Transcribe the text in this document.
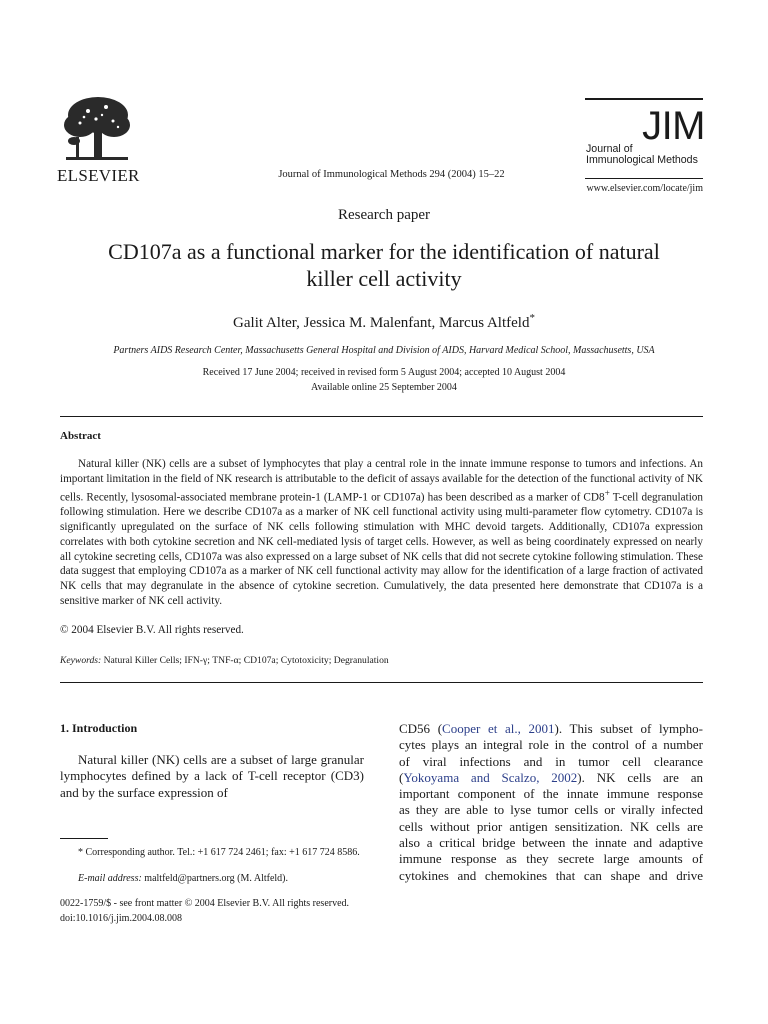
ELSEVIER	Journal of Immunological Methods 294 (2004) 15–22
JIM
Journal of
Immunological Methods
www.elsevier.com/locate/jim
Research paper
CD107a as a functional marker for the identification of natural
killer cell activity
Galit Alter, Jessica M. Malenfant, Marcus Altfeld*
Partners AIDS Research Center, Massachusetts General Hospital and Division of AIDS, Harvard Medical School, Massachusetts, USA
Received 17 June 2004; received in revised form 5 August 2004; accepted 10 August 2004
Available online 25 September 2004
Abstract
Natural killer (NK) cells are a subset of lymphocytes that play a central role in the innate immune response to tumors and infections. An important limitation in the field of NK research is attributable to the deficit of assays available for the detection of the functional activity of NK cells. Recently, lysosomal-associated membrane protein-1 (LAMP-1 or CD107a) has been described as a marker of CD8+ T-cell degranulation following stimulation. Here we describe CD107a as a marker of NK cell functional activity using multi-parameter flow cytometry. CD107a is significantly upregulated on the surface of NK cells following stimulation with MHC devoid targets. Additionally, CD107a expression correlates with both cytokine secretion and NK cell-mediated lysis of target cells. However, as well as being coordinately expressed on nearly all cytokine secreting cells, CD107a was also expressed on a large subset of NK cells that did not secrete cytokine following stimulation. These data suggest that employing CD107a as a marker of NK cell functional activity may allow for the identification of a large fraction of activated NK cells that may degranulate in the absence of cytokine secretion. Cumulatively, the data presented here demonstrate that CD107a is a sensitive marker of NK cell activity.
© 2004 Elsevier B.V. All rights reserved.
Keywords: Natural Killer Cells; IFN-γ; TNF-α; CD107a; Cytotoxicity; Degranulation
1. Introduction
Natural killer (NK) cells are a subset of large granular lymphocytes defined by a lack of T-cell receptor (CD3) and by the surface expression of
* Corresponding author. Tel.: +1 617 724 2461; fax: +1 617 724 8586.
E-mail address: maltfeld@partners.org (M. Altfeld).
0022-1759/$ - see front matter © 2004 Elsevier B.V. All rights reserved.
doi:10.1016/j.jim.2004.08.008
CD56 (Cooper et al., 2001). This subset of lympho-
cytes plays an integral role in the control of a number
of viral infections and in tumor cell clearance
(Yokoyama and Scalzo, 2002). NK cells are an
important component of the innate immune response
as they are able to lyse tumor cells or virally infected
cells without prior antigen sensitization. NK cells are
also a critical bridge between the innate and adaptive
immune response as they secrete large amounts of
cytokines and chemokines that can shape and drive
